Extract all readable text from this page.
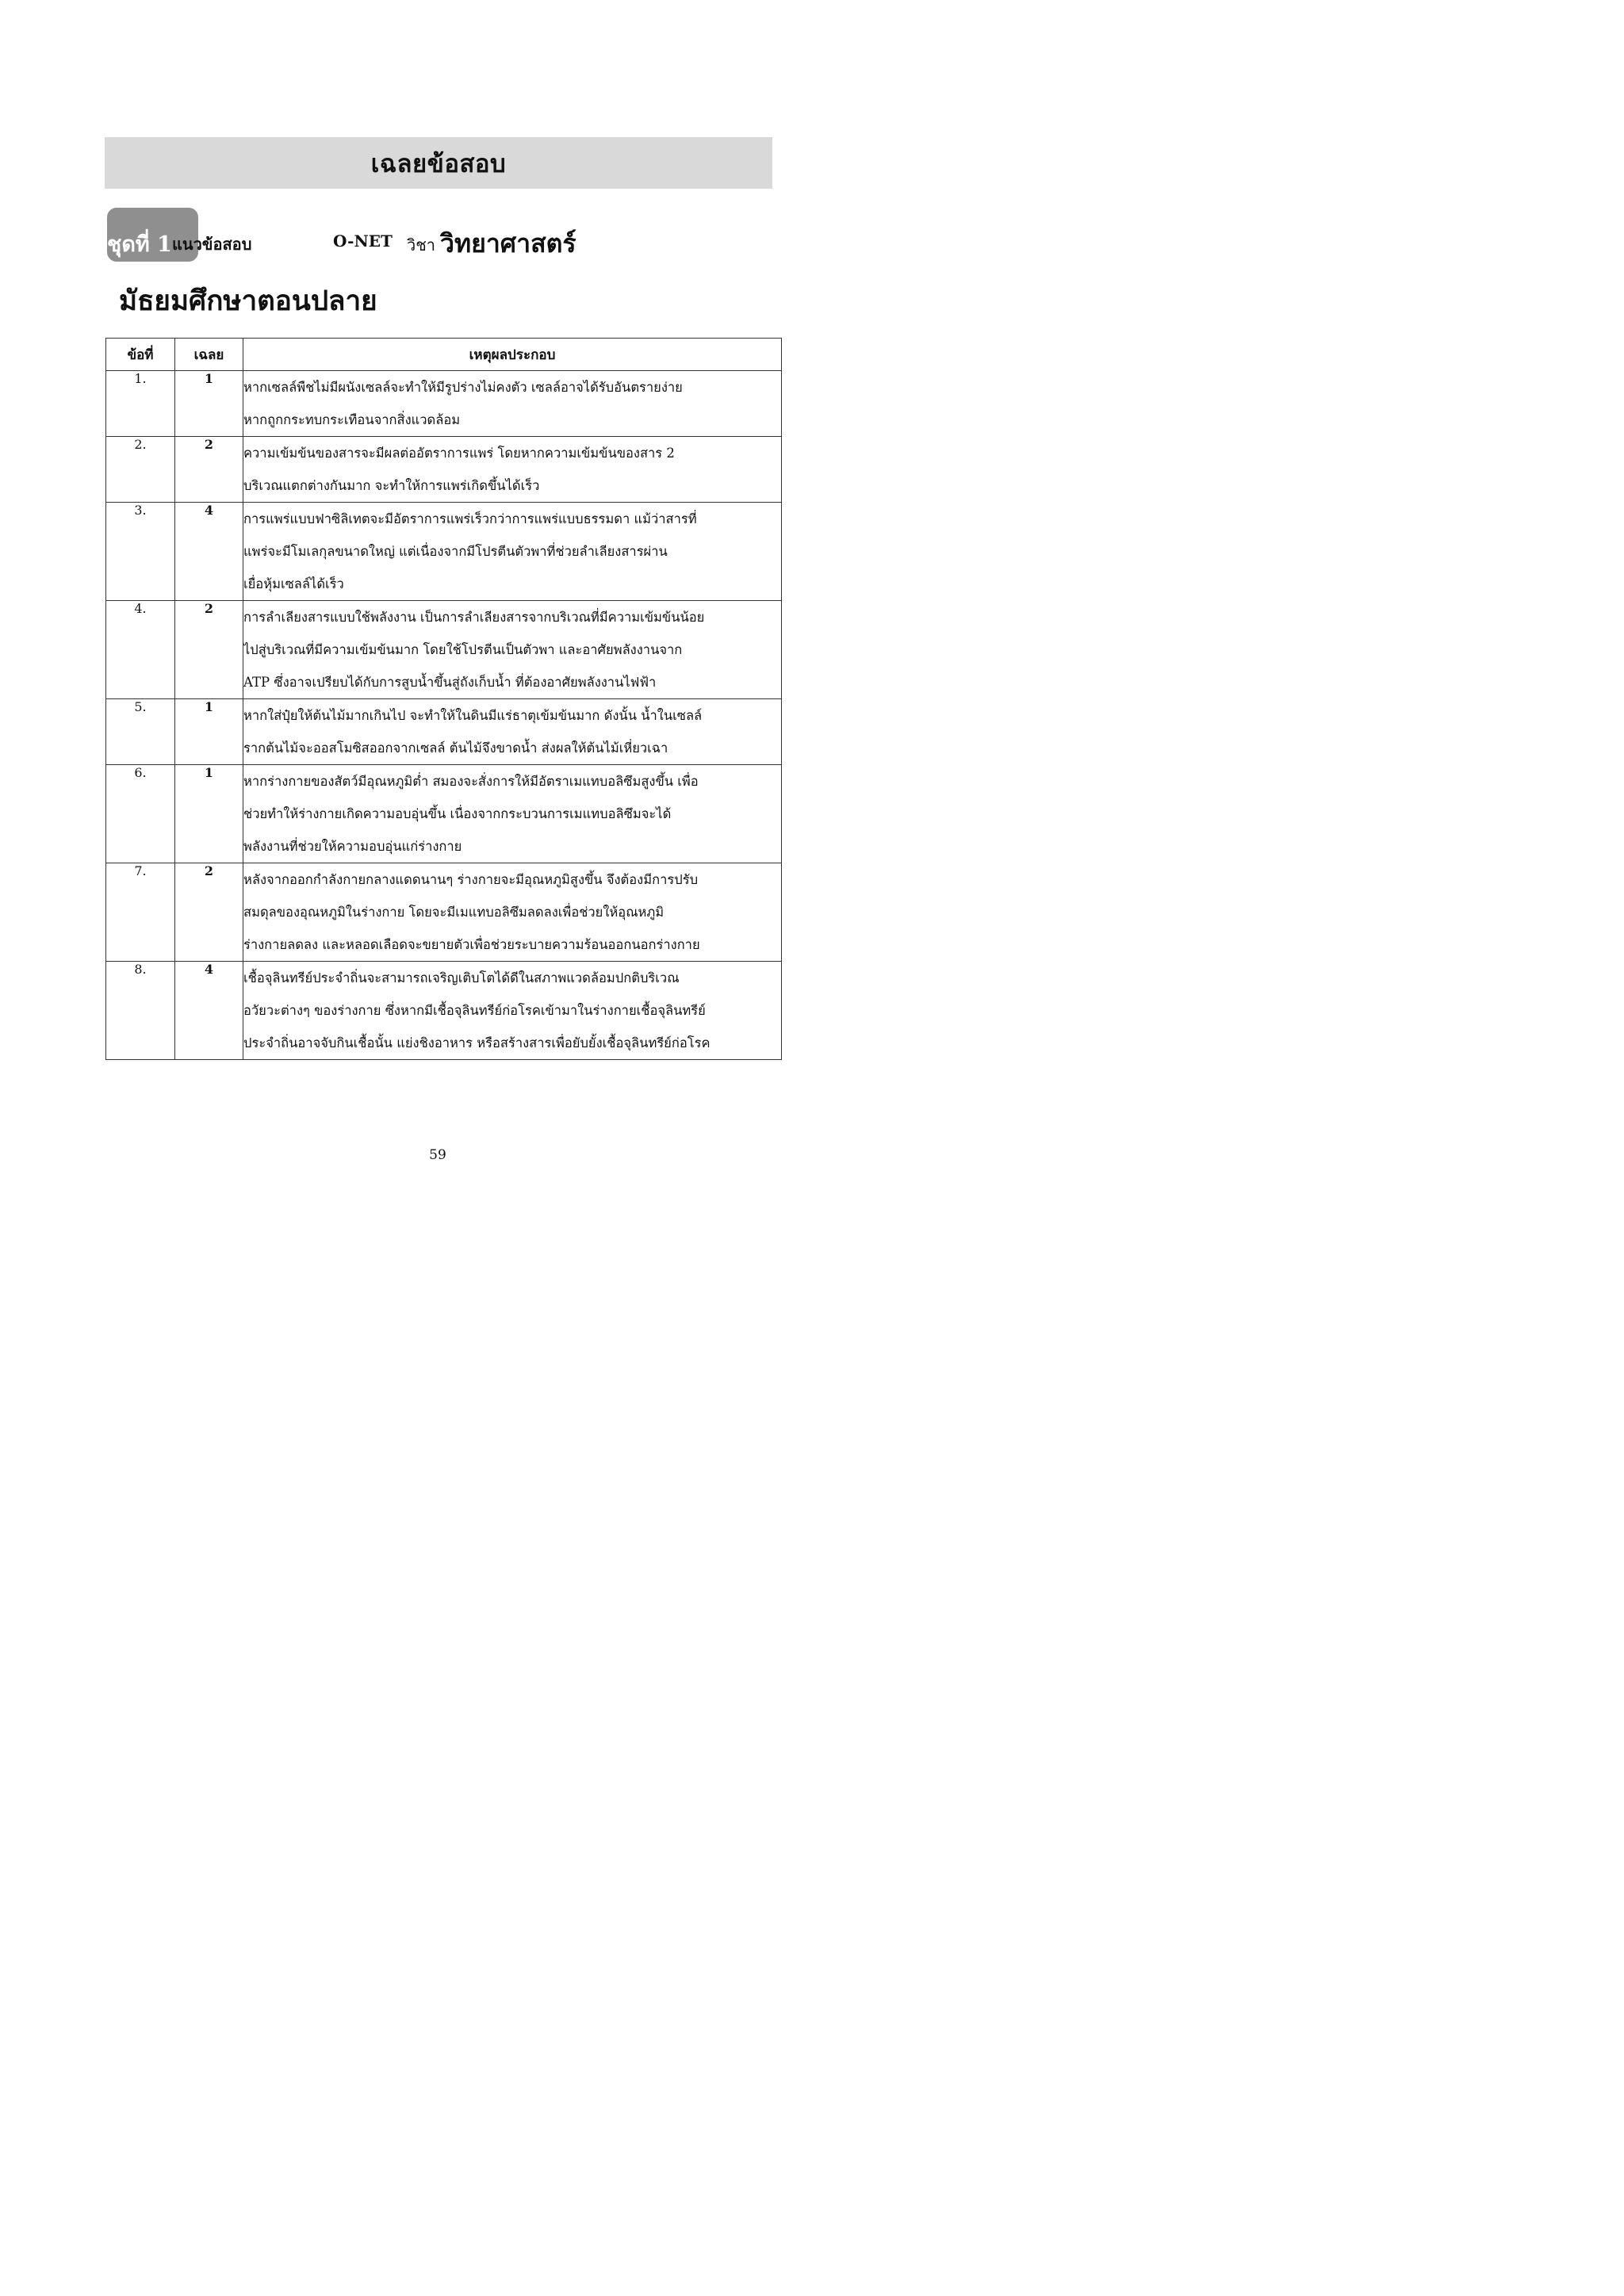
เฉลยข้อสอบ
ชุดที่ 1 แนวข้อสอบ	O-NET วิชา วิทยาศาสตร์
มัธยมศึกษาตอนปลาย
ข้อที่	เฉลย	เหตุผลประกอบ
1.	1	หากเซลล์พืชไม่มีผนังเซลล์จะทำให้มีรูปร่างไม่คงตัว เซลล์อาจได้รับอันตรายง่าย
หากถูกกระทบกระเทือนจากสิ่งแวดล้อม

2.	2	ความเข้มข้นของสารจะมีผลต่ออัตราการแพร่ โดยหากความเข้มข้นของสาร 2
บริเวณแตกต่างกันมาก จะทำให้การแพร่เกิดขึ้นได้เร็ว

3.	4	การแพร่แบบฟาซิลิเทตจะมีอัตราการแพร่เร็วกว่าการแพร่แบบธรรมดา แม้ว่าสารที่
แพร่จะมีโมเลกุลขนาดใหญ่ แต่เนื่องจากมีโปรตีนตัวพาที่ช่วยลำเลียงสารผ่าน
เยื่อหุ้มเซลล์ได้เร็ว

4.	2	การลำเลียงสารแบบใช้พลังงาน เป็นการลำเลียงสารจากบริเวณที่มีความเข้มข้นน้อย
ไปสู่บริเวณที่มีความเข้มข้นมาก โดยใช้โปรตีนเป็นตัวพา และอาศัยพลังงานจาก
ATP ซึ่งอาจเปรียบได้กับการสูบน้ำขึ้นสู่ถังเก็บน้ำ ที่ต้องอาศัยพลังงานไฟฟ้า

5.	1	หากใส่ปุ๋ยให้ต้นไม้มากเกินไป จะทำให้ในดินมีแร่ธาตุเข้มข้นมาก ดังนั้น น้ำในเซลล์
รากต้นไม้จะออสโมซิสออกจากเซลล์ ต้นไม้จึงขาดน้ำ ส่งผลให้ต้นไม้เหี่ยวเฉา

6.	1	หากร่างกายของสัตว์มีอุณหภูมิต่ำ สมองจะสั่งการให้มีอัตราเมแทบอลิซึมสูงขึ้น เพื่อ
ช่วยทำให้ร่างกายเกิดความอบอุ่นขึ้น เนื่องจากกระบวนการเมแทบอลิซึมจะได้
พลังงานที่ช่วยให้ความอบอุ่นแก่ร่างกาย

7.	2	หลังจากออกกำลังกายกลางแดดนานๆ ร่างกายจะมีอุณหภูมิสูงขึ้น จึงต้องมีการปรับ
สมดุลของอุณหภูมิในร่างกาย โดยจะมีเมแทบอลิซึมลดลงเพื่อช่วยให้อุณหภูมิ
ร่างกายลดลง และหลอดเลือดจะขยายตัวเพื่อช่วยระบายความร้อนออกนอกร่างกาย

8.	4	เชื้อจุลินทรีย์ประจำถิ่นจะสามารถเจริญเติบโตได้ดีในสภาพแวดล้อมปกติบริเวณ
อวัยวะต่างๆ ของร่างกาย ซึ่งหากมีเชื้อจุลินทรีย์ก่อโรคเข้ามาในร่างกายเชื้อจุลินทรีย์
ประจำถิ่นอาจจับกินเชื้อนั้น แย่งชิงอาหาร หรือสร้างสารเพื่อยับยั้งเชื้อจุลินทรีย์ก่อโรค
59
